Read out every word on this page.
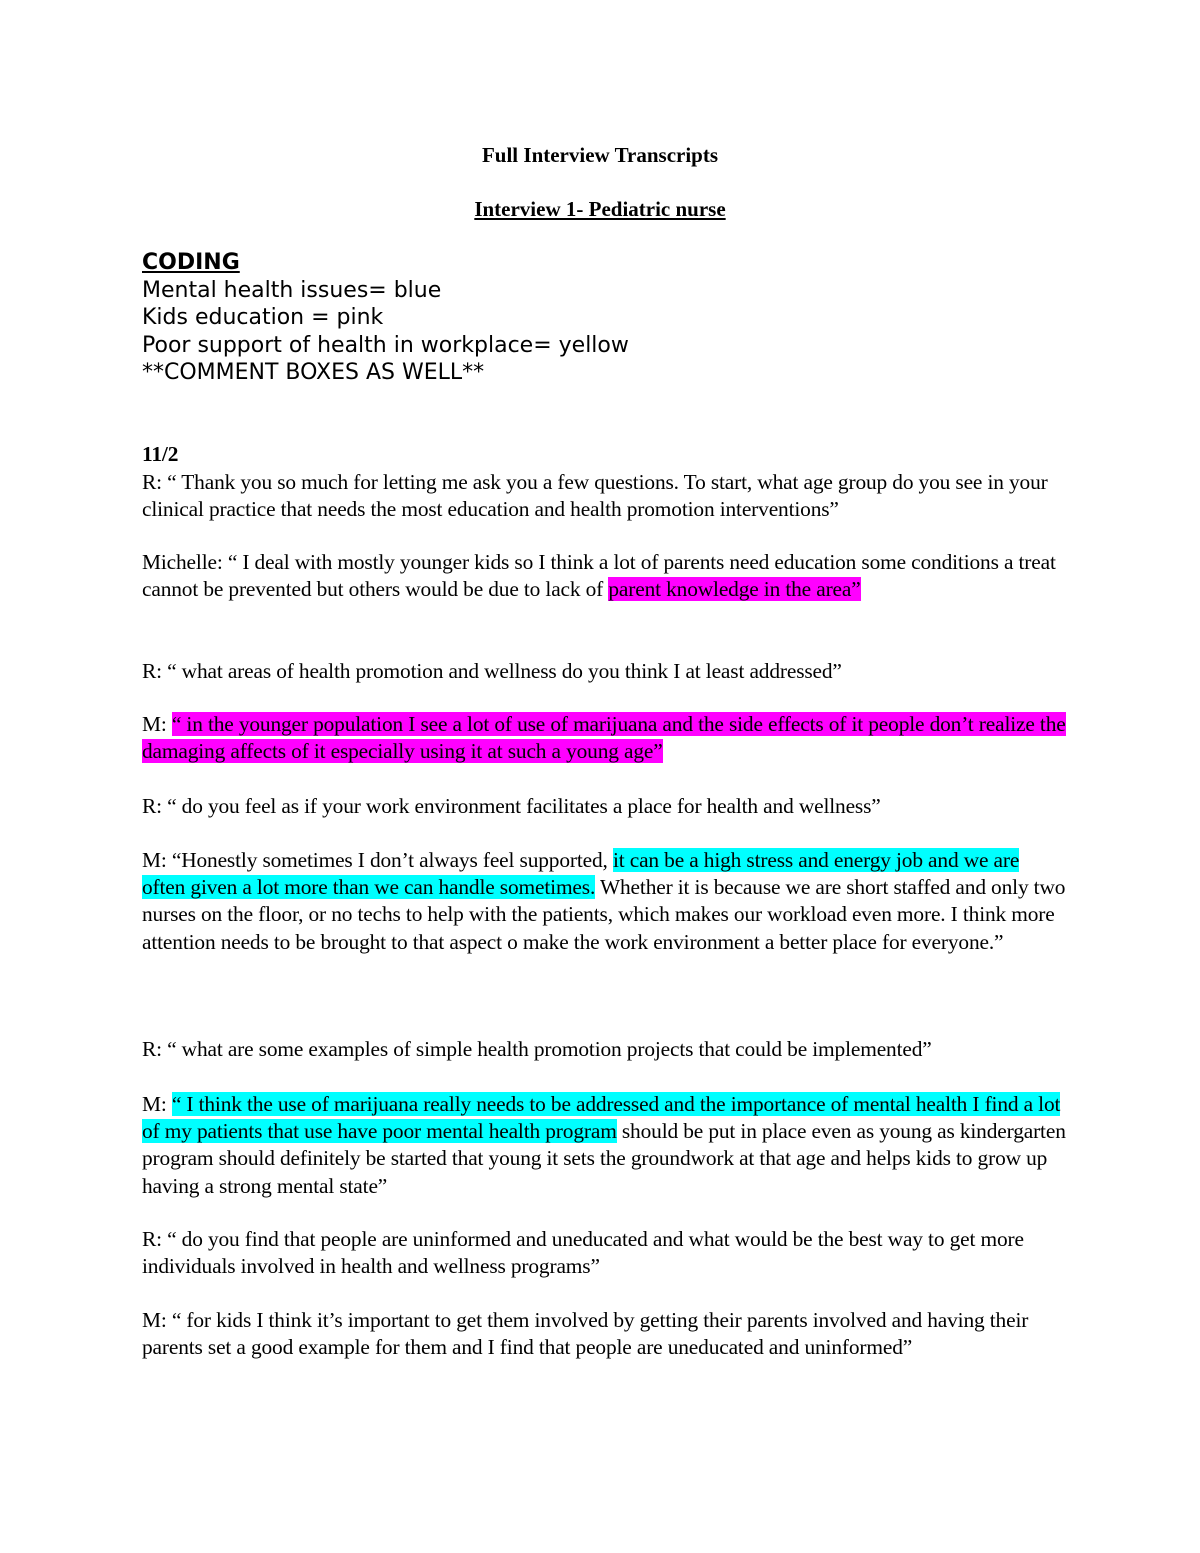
Full Interview Transcripts
Interview 1- Pediatric nurse
CODING
Mental health issues= blue
Kids education = pink
Poor support of health in workplace= yellow
**COMMENT BOXES AS WELL**
11/2
R: “ Thank you so much for letting me ask you a few questions. To start, what age group do you see in your clinical practice that needs the most education and health promotion interventions”
Michelle: “ I deal with mostly younger kids so I think a lot of parents need education some conditions a treat cannot be prevented but others would be due to lack of parent knowledge in the area”
R: “ what areas of health promotion and wellness do you think I at least addressed”
M: “ in the younger population I see a lot of use of marijuana and the side effects of it people don’t realize the damaging affects of it especially using it at such a young age”
R: “ do you feel as if your work environment facilitates a place for health and wellness”
M: “Honestly sometimes I don’t always feel supported, it can be a high stress and energy job and we are often given a lot more than we can handle sometimes. Whether it is because we are short staffed and only two nurses on the floor, or no techs to help with the patients, which makes our workload even more. I think more attention needs to be brought to that aspect o make the work environment a better place for everyone.”
R: “ what are some examples of simple health promotion projects that could be implemented”
M: “ I think the use of marijuana really needs to be addressed and the importance of mental health I find a lot of my patients that use have poor mental health program should be put in place even as young as kindergarten program should definitely be started that young it sets the groundwork at that age and helps kids to grow up having a strong mental state”
R: “ do you find that people are uninformed and uneducated and what would be the best way to get more individuals involved in health and wellness programs”
M: “ for kids I think it’s important to get them involved by getting their parents involved and having their parents set a good example for them and I find that people are uneducated and uninformed”
